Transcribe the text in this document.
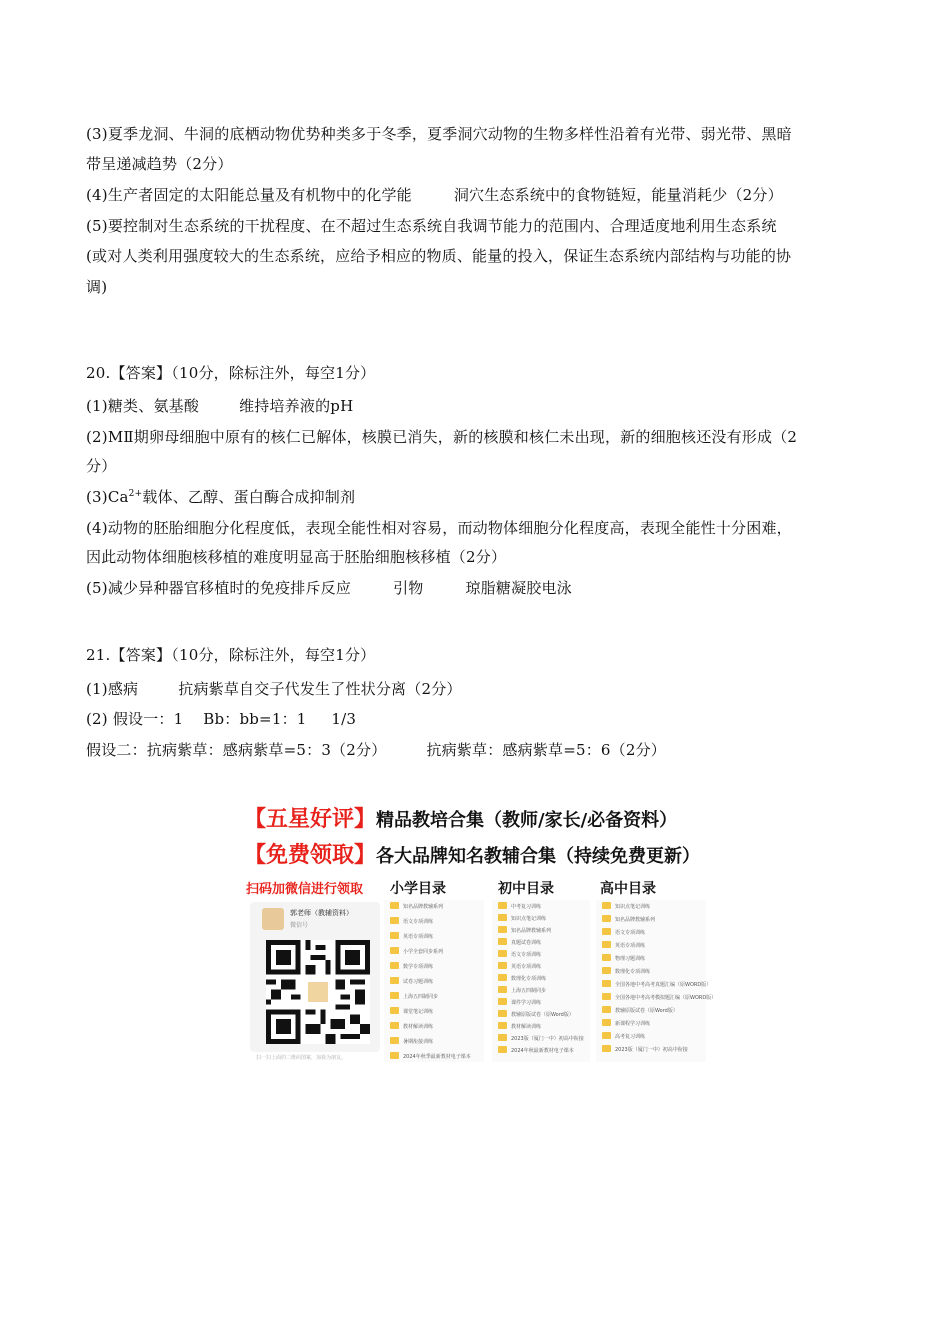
(3)夏季龙洞、牛洞的底栖动物优势种类多于冬季，夏季洞穴动物的生物多样性沿着有光带、弱光带、黑暗
带呈递减趋势（2分）
(4)生产者固定的太阳能总量及有机物中的化学能	洞穴生态系统中的食物链短，能量消耗少（2分）
(5)要控制对生态系统的干扰程度、在不超过生态系统自我调节能力的范围内、合理适度地利用生态系统
(或对人类利用强度较大的生态系统，应给予相应的物质、能量的投入，保证生态系统内部结构与功能的协
调)
20.【答案】（10分，除标注外，每空1分）
(1)糖类、氨基酸	维持培养液的pH
(2)MⅡ期卵母细胞中原有的核仁已解体，核膜已消失，新的核膜和核仁未出现，新的细胞核还没有形成（2
分）
$(3)Ca^{2+}$载体、乙醇、蛋白酶合成抑制剂
(4)动物的胚胎细胞分化程度低，表现全能性相对容易，而动物体细胞分化程度高，表现全能性十分困难，
因此动物体细胞核移植的难度明显高于胚胎细胞核移植（2分）
(5)减少异种器官移植时的免疫排斥反应	引物	琼脂糖凝胶电泳
21.【答案】（10分，除标注外，每空1分）
(1)感病	抗病紫草自交子代发生了性状分离（2分）
(2) 假设一：1    Bb：bb=1：1     1/3
假设二：抗病紫草：感病紫草=5：3（2分）	抗病紫草：感病紫草=5：6（2分）
【五星好评】精品教培合集（教师/家长/必备资料）
【免费领取】各大品牌知名教辅合集（持续免费更新）
扫码加微信进行领取 小学目录	初中目录	高中目录
郭老师（教辅资料）
微信号
扫一扫上面的二维码图案，加我为朋友。
知名品牌教辅系列
语文专项训练
英语专项训练
小学全套同步系列
数学专项训练
试卷习题训练
上海五四制同步
课堂笔记训练
教材解读训练
暑期衔接训练
2024年秋季最新教材电子课本
中考复习训练
知识点笔记训练
知名品牌教辅系列
真题试卷训练
语文专项训练
英语专项训练
数理化专项训练
上海五四制同步
课件学习训练
教辅原版试卷（原Word版）
教材解读训练
2023版（厦门一中）初高中衔接
2024年秋最新教材电子课本
知识点笔记训练
知名品牌教辅系列
语文专项训练
英语专项训练
物理习题训练
数理化专项训练
全国各地中考高考真题汇编（原WORD版）
全国各地中考高考模拟题汇编（原WORD版）
教辅原版试卷（原Word版）
新课程学习训练
高考复习训练
2023版（厦门一中）初高中衔接
